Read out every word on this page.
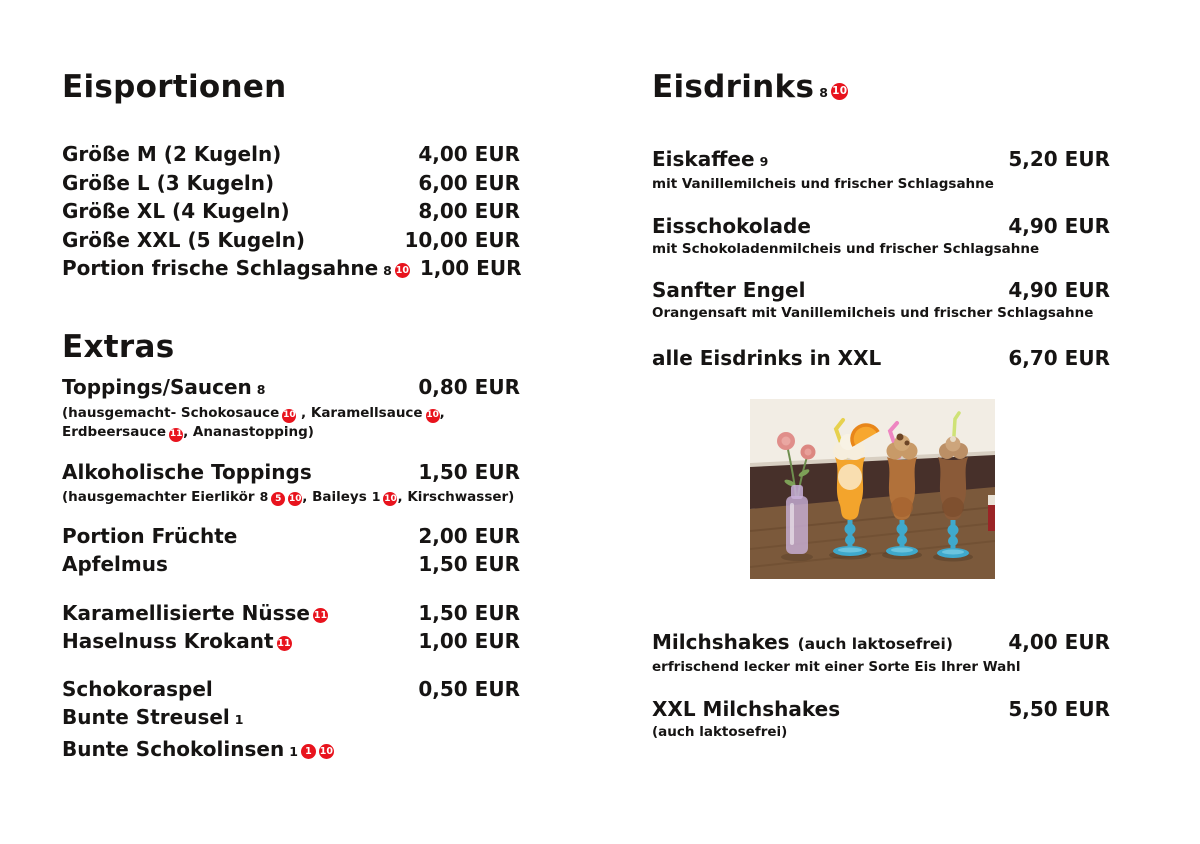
Eisportionen
Größe M (2 Kugeln)	4,00 EUR
Größe L (3 Kugeln)	6,00 EUR
Größe XL (4 Kugeln)	8,00 EUR
Größe XXL (5 Kugeln)	10,00 EUR
Portion frische Schlagsahne 8 10 1,00 EUR
Extras
Toppings/Saucen 8	0,80 EUR
(hausgemacht- Schokosauce 10 , Karamellsauce 10,
Erdbeersauce 11, Ananastopping)
Alkoholische Toppings	1,50 EUR
(hausgemachter Eierlikör 8 5 10, Baileys 1 10, Kirschwasser)
Portion Früchte	2,00 EUR
Apfelmus	1,50 EUR
Karamellisierte Nüsse 11	1,50 EUR
Haselnuss Krokant 11	1,00 EUR
Schokoraspel	0,50 EUR
Bunte Streusel 1
Bunte Schokolinsen 1 1 10
Eisdrinks 8 10
Eiskaffee 9	5,20 EUR
mit Vanillemilcheis und frischer Schlagsahne
Eisschokolade	4,90 EUR
mit Schokoladenmilcheis und frischer Schlagsahne
Sanfter Engel	4,90 EUR
Orangensaft mit Vanillemilcheis und frischer Schlagsahne
alle Eisdrinks in XXL	6,70 EUR
Milchshakes (auch laktosefrei)	4,00 EUR
erfrischend lecker mit einer Sorte Eis Ihrer Wahl
XXL Milchshakes	5,50 EUR
(auch laktosefrei)
